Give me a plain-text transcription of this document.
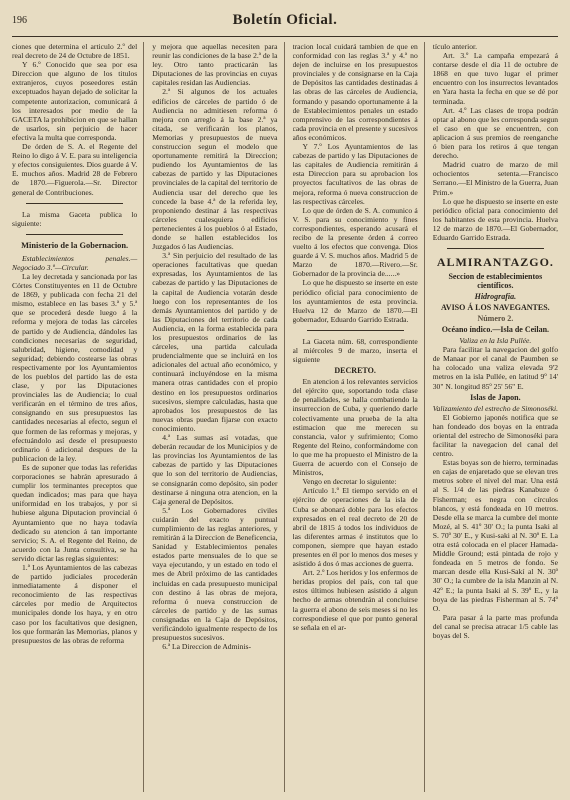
196	Boletín Oficial.

ciones que determina el articulo 2.º del real decreto de 24 de Octubre de 1851.

Y 6.º Conocido que sea por esa Direccion que alguno de los titulos extranjeros, cuyos poseedores están exceptuados hayan dejado de solicitar la competente autorizacion, comunicará á los interesados por medio de la GACETA la prohibicion en que se hallan de usarlos, sin perjuicio de hacer efectiva la multa que corresponda.

De órden de S. A. el Regente del Reino lo digo á V. E. para su inteligencia y efectos consiguientes. Dios guarde á V. E. muchos años. Madrid 28 de Febrero de 1870.—Figuerola.—Sr. Director general de Contribuciones.

La misma Gaceta publica lo siguiente:

Ministerio de la Gobernacion.

Establecimientos penales.—Negociado 3.º—Circular.

La ley decretada y sancionada por las Córtes Constituyentes en 11 de Octubre de 1869, y publicada con fecha 21 del mismo, establece en las bases 3.ª y 5.ª que se procederá desde luego á la reforma y mejora de todas las cárceles de partido y de Audiencia, dándoles las condiciones necesarias de seguridad, salubridad, higiene, comodidad y seguridad; debiendo costearse las obras respectivamente por los Ayuntamientos de los pueblos del partido las de esta clase, y por las Diputaciones provinciales las de Audiencia; lo cual verificarán en el término de tres años, consignando en sus presupuestos las cantidades necesarias al efecto, segun el que formen de las reformas y mejoras, y efectuándolo así desde el presupuesto ordinario ó adicional despues de la publicacion de la ley.

Es de suponer que todas las referidas corporaciones se habrán apresurado á cumplir los terminantes preceptos que quedan indicados; mas para que haya uniformidad en los trabajos, y por si hubiese alguna Diputacion provincial ó Ayuntamiento que no haya todavía dedicado su atencion á tan importante servicio; S. A. el Regente del Reino, de acuerdo con la Junta consultiva, se ha servido dictar las reglas siguientes:

1.ª Los Ayuntamientos de las cabezas de partido judiciales procederán inmediatamente á disponer el reconocimiento de las respectivas cárceles por medio de Arquitectos municipales donde los haya, y en otro caso por los facultativos que designen, los que formarán las Memorias, planos y presupuestos de las obras de reforma

y mejora que aquellas necesiten para reunir las condiciones de la base 2.ª de la ley. Otro tanto practicarán las Diputaciones de las provincias en cuyas capitales residan las Audiencias.

2.ª Si algunos de los actuales edificios de cárceles de partido ó de Audiencia no admitiesen reforma ó mejora con arreglo á la base 2.ª ya citada, se verificarán los planos, Memorias y presupuestos de nueva construccion segun el modelo que oportunamente remitirá la Direccion; pudiendo los Ayuntamientos de las cabezas de partido y las Diputaciones provinciales de la capital del territorio de Audiencia usar del derecho que les concede la base 4.ª de la referida ley, proponiendo destinar á las respectivas cárceles cualesquiera edificios pertenecientes á los pueblos ó al Estado, donde se hallen establecidos los Juzgados ó las Audiencias.

3.ª Sin perjuicio del resultado de las operaciones facultativas que quedan expresadas, los Ayuntamientos de las cabezas de partido y las Diputaciones de la capital de Audiencia votarán desde luego con los representantes de los demás Ayuntamientos del partido y de las Diputaciones del territorio de cada Audiencia, en la forma establecida para los presupuestos ordinarios de las cárceles, una partida calculada prudencialmente que se incluirá en los adicionales del actual año económico, y continuará incluyéndose en la misma manera otras cantidades con el propio destino en los presupuestos ordinarios sucesivos, siempre calculadas, hasta que aprobados los presupuestos de las nuevas obras puedan fijarse con exacto conocimiento.

4.ª Las sumas así votadas, que deberán recaudar de los Municipios y de las provincias los Ayuntamientos de las cabezas de partido y las Diputaciones que lo son del territorio de Audiencias, se consignarán como depósito, sin poder destinarse á ninguna otra atencion, en la Caja general de Depósitos.

5.ª Los Gobernadores civiles cuidarán del exacto y puntual cumplimiento de las reglas anteriores, y remitirán á la Direccion de Beneficencia, Sanidad y Establecimientos penales estados parte mensuales de lo que se vaya ejecutando, y un estado en todo el mes de Abril próximo de las cantidades incluidas en cada presupuesto municipal con destino á las obras de mejora, reforma ó nueva construccion de cárceles de partido y de las sumas consignadas en la Caja de Depósitos, verificándolo igualmente respecto de los presupuestos sucesivos.

6.ª La Direccion de Adminis-

tracion local cuidará tambien de que en conformidad con las reglas 3.ª y 4.ª no dejen de incluirse en los presupuestos provinciales y de consignarse en la Caja de Depósitos las cantidades destinadas á las obras de las cárceles de Audiencia, formando y pasando oportunamente á la de Establecimientos penales un estado comprensivo de las correspondientes á cada provincia en el presente y sucesivos años económicos.

Y 7.º Los Ayuntamientos de las cabezas de partido y las Diputaciones de las capitales de Audiencia remitirán á esta Direccion para su aprobacion los proyectos facultativos de las obras de mejora, reforma ó nueva construccion de las respectivas cárceles.

Lo que de órden de S. A. comunico á V. S. para su conocimiento y fines correspondientes, esperando acusará el recibo de la presente órden á correo vuelto á los efectos que convenga. Dios guarde á V. S. muchos años. Madrid 5 de Marzo de 1870.—Rivero.—Sr. Gobernador de la provincia de......»

Lo que he dispuesto se inserte en este periódico oficial para conocimiento de los ayuntamientos de esta provincia. Huelva 12 de Marzo de 1870.—El gobernador, Eduardo Garrido Estrada.

La Gaceta núm. 68, correspondiente al miércoles 9 de marzo, inserta el siguiente

DECRETO.

En atencion á los relevantes servicios del ejército que, soportando toda clase de penalidades, se halla combatiendo la insurreccion de Cuba, y queriendo darle colectivamente una prueba de la alta estimacion que me merecen su constancia, valor y sufrimiento; Como Regente del Reino, conformándome con lo que me ha propuesto el Ministro de la Guerra de acuerdo con el Consejo de Ministros,

Vengo en decretar lo siguiente:

Artículo 1.º El tiempo servido en el ejército de operaciones de la isla de Cuba se abonará doble para los efectos expresados en el real decreto de 20 de abril de 1815 á todos los individuos de las diferentes armas é institutos que lo componen, siempre que hayan estado presentes en él por lo menos dos meses y asistido á dos ó mas acciones de guerra.

Art. 2.º Los heridos y los enfermos de heridas propios del país, con tal que estos últimos hubiesen asistido á algun hecho de armas obtendrán al concluirse la guerra el abono de seis meses si no les correspondiese el que por punto general se señala en el ar-

tículo anterior.

Art. 3.º La campaña empezará á contarse desde el dia 11 de octubre de 1868 en que tuvo lugar el primer encuentro con los insurrectos levantados en Yara hasta la fecha en que se dé por terminada.

Art. 4.º Las clases de tropa podrán optar al abono que les corresponda segun el caso en que se encuentren, con aplicacion á sus premios de reenganche ó bien para los retiros á que tengan derecho.

Madrid cuatro de marzo de mil ochocientos setenta.—Francisco Serrano.—El Ministro de la Guerra, Juan Prim.»

Lo que he dispuesto se inserte en este periódico oficial para conocimiento del los habitantes de esta provincia. Huelva 12 de marzo de 1870.—El Gobernador, Eduardo Garrido Estrada.

ALMIRANTAZGO.
Seccion de establecimientos científicos.
Hidrografía.
AVISO Á LOS NAVEGANTES.
Número 2.
Océano índico.—Isla de Ceilan.

Valiza en la Isla Pullée.

Para facilitar la navegacion del golfo de Manaar por el canal de Paumben se ha colocado una valiza elevada 9'2 metros en la isla Pullée, en latitud 9º 14' 30" N. longitud 85º 25' 56" E.

Islas de Japon.

Valizamiento del estrecho de Simonoséki.

El Gobierno japonés notifica que se han fondeado dos boyas en la entrada oriental del estrecho de Simonoséki para facilitar la navegacion del canal del centro.

Estas boyas son de hierro, terminadas en cajas de enjaretado que se elevan tres metros sobre el nivel del mar. Una está al S. 1/4 de las piedras Kanabuze ó Fisherman; es negra con círculos blancos, y está fondeada en 10 metros. Desde ella se marca la cumbre del monte Mozé, al S. 41º 30' O.; la punta Isaki al S. 70º 30' E., y Kusi-saki al N. 30º E. La otra está colocada en el placer Hamada-Middle Ground; está pintada de rojo y fondeada en 5 metros de fondo. Se marcan desde ella Kusi-Sakí al N. 30º 30' O.; la cumbre de la isla Manzin al N. 42º E.; la punta Isaki al S. 39º E., y la boya de las piedras Fisherman al S. 74º O.

Para pasar á la parte mas profunda del canal se precisa atracar 1/5 cable las boyas del S.
